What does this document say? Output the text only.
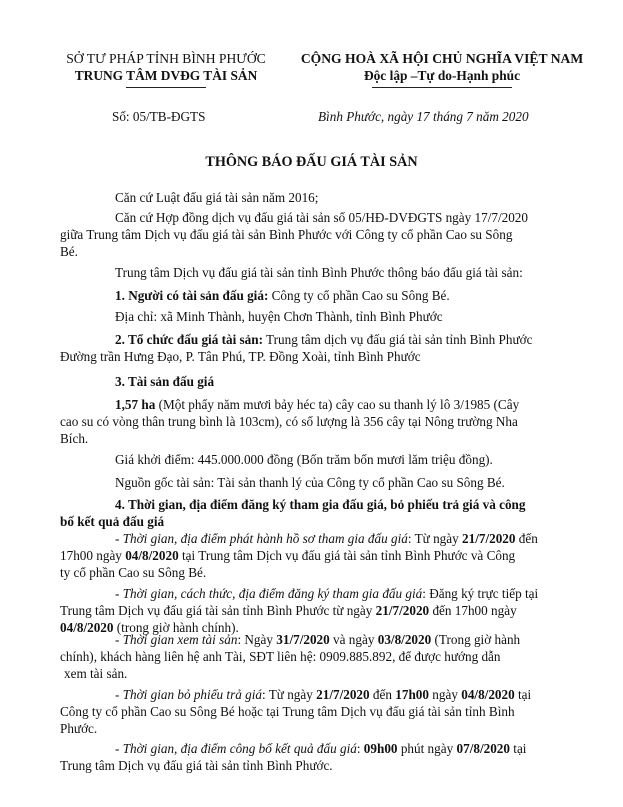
SỞ TƯ PHÁP TỈNH BÌNH PHƯỚC
TRUNG TÂM DVĐG TÀI SẢN
CỘNG HOÀ XÃ HỘI CHỦ NGHĨA VIỆT NAM
Độc lập –Tự do-Hạnh phúc
Số: 05/TB-ĐGTS	Bình Phước, ngày 17 tháng 7 năm 2020
THÔNG BÁO ĐẤU GIÁ TÀI SẢN
Căn cứ Luật đấu giá tài sản năm 2016;
Căn cứ Hợp đồng dịch vụ đấu giá tài sản số 05/HĐ-DVĐGTS ngày 17/7/2020
giữa Trung tâm Dịch vụ đấu giá tài sản Bình Phước với Công ty cổ phần Cao su Sông
Bé.
Trung tâm Dịch vụ đấu giá tài sản tỉnh Bình Phước thông báo đấu giá tài sản:
1. Người có tài sản đấu giá: Công ty cổ phần Cao su Sông Bé.
Địa chỉ: xã Minh Thành, huyện Chơn Thành, tỉnh Bình Phước
2. Tổ chức đấu giá tài sản: Trung tâm dịch vụ đấu giá tài sản tỉnh Bình Phước
Đường trần Hưng Đạo, P. Tân Phú, TP. Đồng Xoài, tỉnh Bình Phước
3. Tài sản đấu giá
1,57 ha (Một phẩy năm mươi bảy héc ta) cây cao su thanh lý lô 3/1985 (Cây
cao su có vòng thân trung bình là 103cm), có số lượng là 356 cây tại Nông trường Nha
Bích.
Giá khởi điểm: 445.000.000 đồng (Bốn trăm bốn mươi lăm triệu đồng).
Nguồn gốc tài sản: Tài sản thanh lý của Công ty cổ phần Cao su Sông Bé.
4. Thời gian, địa điểm đăng ký tham gia đấu giá, bỏ phiếu trả giá và công
bố kết quả đấu giá
- Thời gian, địa điểm phát hành hồ sơ tham gia đấu giá: Từ ngày 21/7/2020 đến
17h00 ngày 04/8/2020 tại Trung tâm Dịch vụ đấu giá tài sản tỉnh Bình Phước và Công
ty cổ phần Cao su Sông Bé.
- Thời gian, cách thức, địa điểm đăng ký tham gia đấu giá: Đăng ký trực tiếp tại
Trung tâm Dịch vụ đấu giá tài sản tỉnh Bình Phước từ ngày 21/7/2020 đến 17h00 ngày
04/8/2020 (trong giờ hành chính).
- Thời gian xem tài sản: Ngày 31/7/2020 và ngày 03/8/2020 (Trong giờ hành
chính), khách hàng liên hệ anh Tài, SĐT liên hệ: 0909.885.892, để được hướng dẫn
xem tài sản.
- Thời gian bỏ phiếu trả giá: Từ ngày 21/7/2020 đến 17h00 ngày 04/8/2020 tại
Công ty cổ phần Cao su Sông Bé hoặc tại Trung tâm Dịch vụ đấu giá tài sản tỉnh Bình
Phước.
- Thời gian, địa điểm công bố kết quả đấu giá: 09h00 phút ngày 07/8/2020 tại
Trung tâm Dịch vụ đấu giá tài sản tỉnh Bình Phước.
